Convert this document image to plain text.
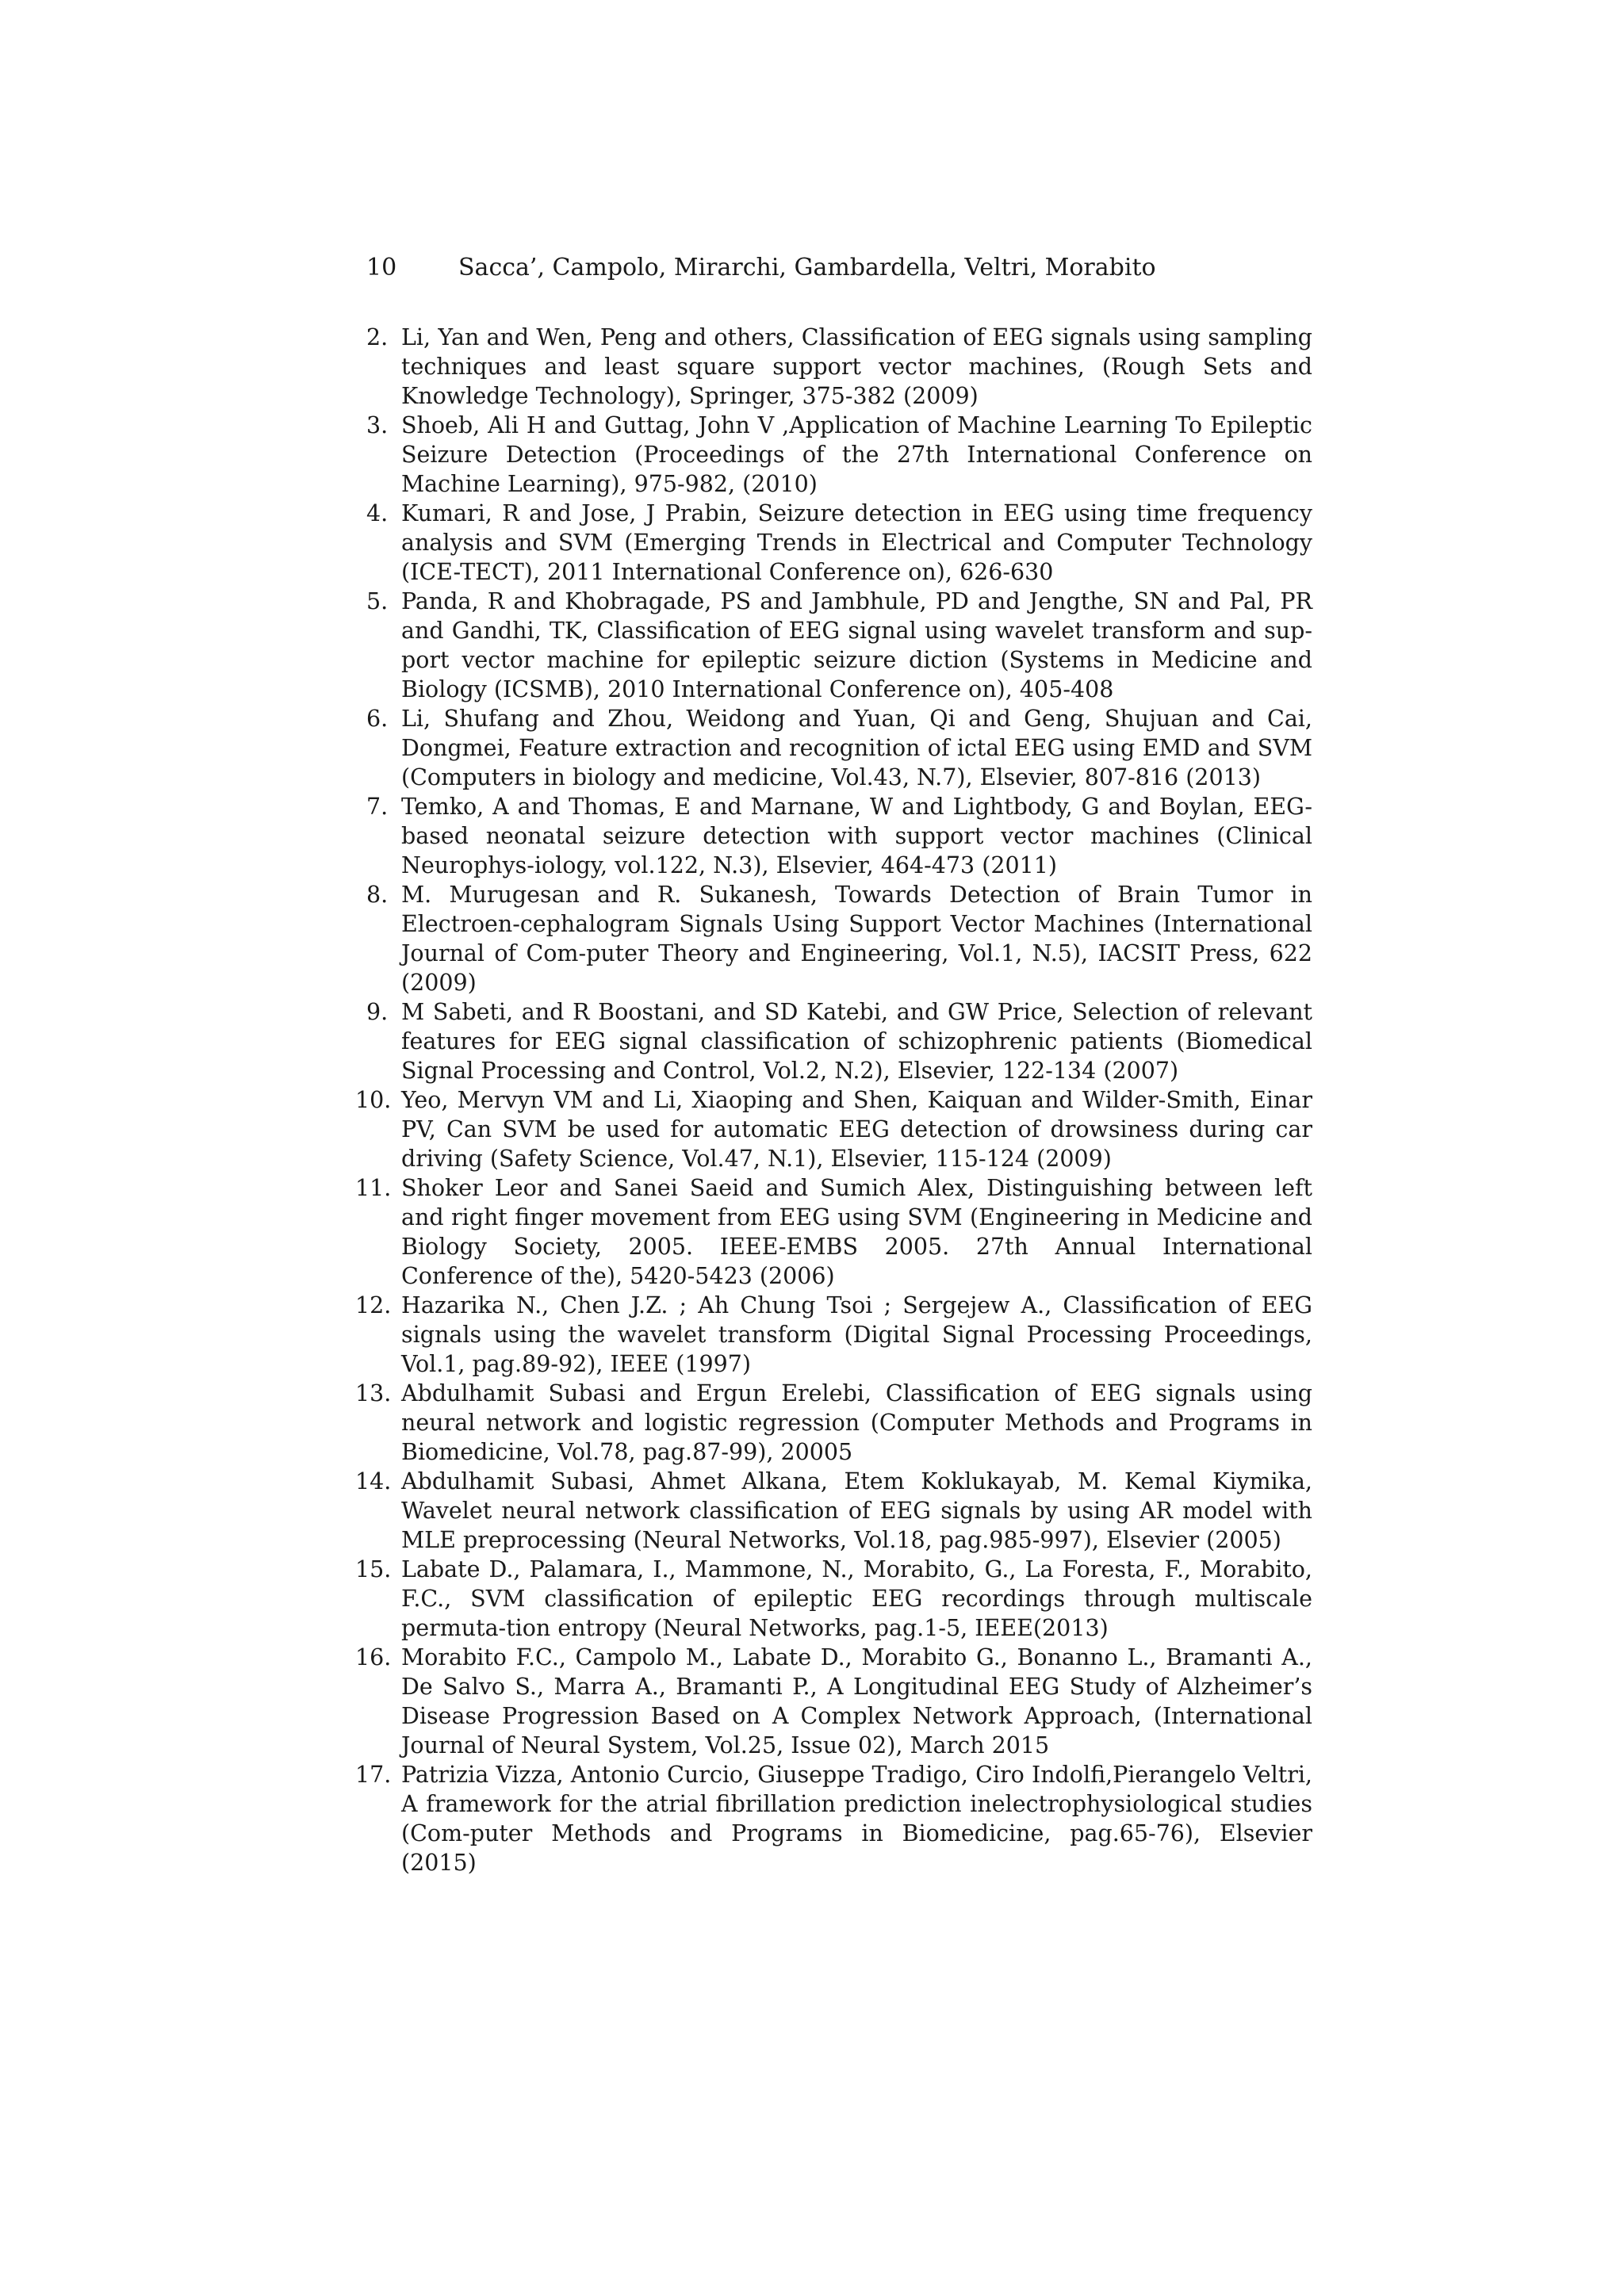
10	Sacca’, Campolo, Mirarchi, Gambardella, Veltri, Morabito
2. Li, Yan and Wen, Peng and others, Classification of EEG signals using sampling techniques and least square support vector machines, (Rough Sets and Knowledge Technology), Springer, 375-382 (2009)
3. Shoeb, Ali H and Guttag, John V ,Application of Machine Learning To Epileptic Seizure Detection (Proceedings of the 27th International Conference on Machine Learning), 975-982, (2010)
4. Kumari, R and Jose, J Prabin, Seizure detection in EEG using time frequency analysis and SVM (Emerging Trends in Electrical and Computer Technology (ICE-TECT), 2011 International Conference on), 626-630
5. Panda, R and Khobragade, PS and Jambhule, PD and Jengthe, SN and Pal, PR and Gandhi, TK, Classification of EEG signal using wavelet transform and sup-port vector machine for epileptic seizure diction (Systems in Medicine and Biology (ICSMB), 2010 International Conference on), 405-408
6. Li, Shufang and Zhou, Weidong and Yuan, Qi and Geng, Shujuan and Cai, Dongmei, Feature extraction and recognition of ictal EEG using EMD and SVM (Computers in biology and medicine, Vol.43, N.7), Elsevier, 807-816 (2013)
7. Temko, A and Thomas, E and Marnane, W and Lightbody, G and Boylan, EEG-based neonatal seizure detection with support vector machines (Clinical Neurophys-iology, vol.122, N.3), Elsevier, 464-473 (2011)
8. M. Murugesan and R. Sukanesh, Towards Detection of Brain Tumor in Electroen-cephalogram Signals Using Support Vector Machines (International Journal of Com-puter Theory and Engineering, Vol.1, N.5), IACSIT Press, 622 (2009)
9. M Sabeti, and R Boostani, and SD Katebi, and GW Price, Selection of relevant features for EEG signal classification of schizophrenic patients (Biomedical Signal Processing and Control, Vol.2, N.2), Elsevier, 122-134 (2007)
10. Yeo, Mervyn VM and Li, Xiaoping and Shen, Kaiquan and Wilder-Smith, Einar PV, Can SVM be used for automatic EEG detection of drowsiness during car driving (Safety Science, Vol.47, N.1), Elsevier, 115-124 (2009)
11. Shoker Leor and Sanei Saeid and Sumich Alex, Distinguishing between left and right finger movement from EEG using SVM (Engineering in Medicine and Biology Society, 2005. IEEE-EMBS 2005. 27th Annual International Conference of the), 5420-5423 (2006)
12. Hazarika N., Chen J.Z. ; Ah Chung Tsoi ; Sergejew A., Classification of EEG signals using the wavelet transform (Digital Signal Processing Proceedings, Vol.1, pag.89-92), IEEE (1997)
13. Abdulhamit Subasi and Ergun Erelebi, Classification of EEG signals using neural network and logistic regression (Computer Methods and Programs in Biomedicine, Vol.78, pag.87-99), 20005
14. Abdulhamit Subasi, Ahmet Alkana, Etem Koklukayab, M. Kemal Kiymika, Wavelet neural network classification of EEG signals by using AR model with MLE preprocessing (Neural Networks, Vol.18, pag.985-997), Elsevier (2005)
15. Labate D., Palamara, I., Mammone, N., Morabito, G., La Foresta, F., Morabito, F.C., SVM classification of epileptic EEG recordings through multiscale permuta-tion entropy (Neural Networks, pag.1-5, IEEE(2013)
16. Morabito F.C., Campolo M., Labate D., Morabito G., Bonanno L., Bramanti A., De Salvo S., Marra A., Bramanti P., A Longitudinal EEG Study of Alzheimer’s Disease Progression Based on A Complex Network Approach, (International Journal of Neural System, Vol.25, Issue 02), March 2015
17. Patrizia Vizza, Antonio Curcio, Giuseppe Tradigo, Ciro Indolfi,Pierangelo Veltri, A framework for the atrial fibrillation prediction inelectrophysiological studies (Com-puter Methods and Programs in Biomedicine, pag.65-76), Elsevier (2015)
